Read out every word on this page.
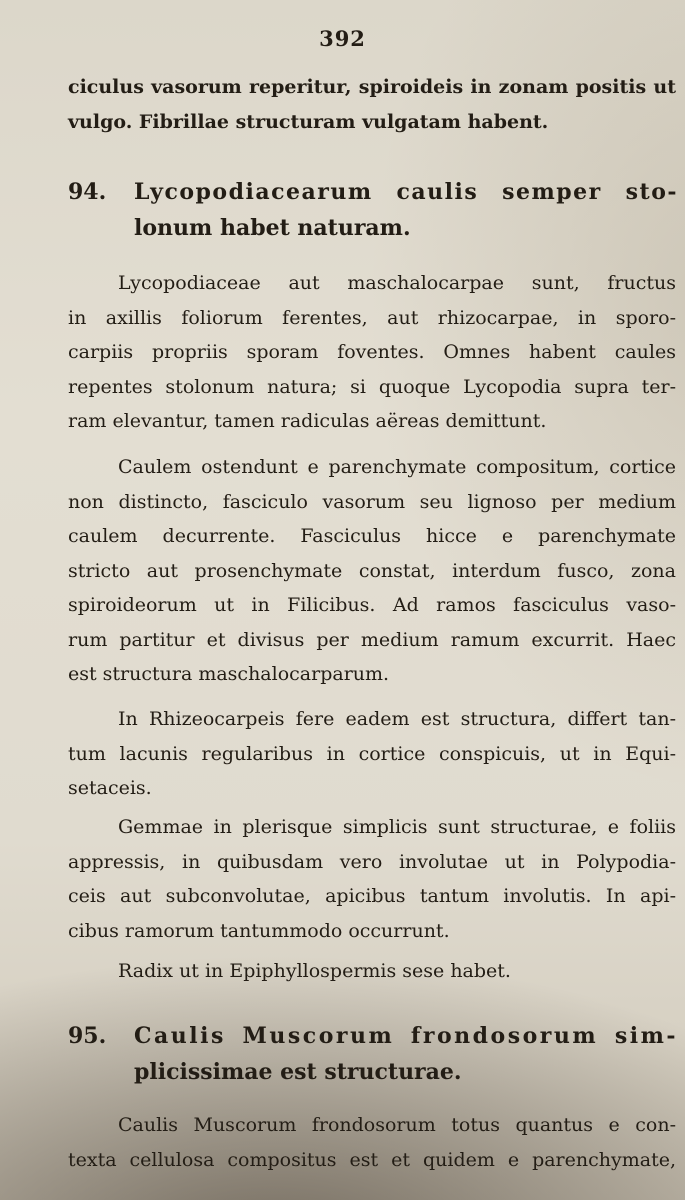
392
ciculus vasorum reperitur, spiroideis in zonam positis ut
vulgo. Fibrillae structuram vulgatam habent.
94.	Lycopodiacearum caulis semper sto-
lonum habet naturam.
Lycopodiaceae aut maschalocarpae sunt, fructus
in axillis foliorum ferentes, aut rhizocarpae, in sporo-
carpiis propriis sporam foventes. Omnes habent caules
repentes stolonum natura; si quoque Lycopodia supra ter-
ram elevantur, tamen radiculas aëreas demittunt.
Caulem ostendunt e parenchymate compositum, cortice
non distincto, fasciculo vasorum seu lignoso per medium
caulem decurrente. Fasciculus hicce e parenchymate
stricto aut prosenchymate constat, interdum fusco, zona
spiroideorum ut in Filicibus. Ad ramos fasciculus vaso-
rum partitur et divisus per medium ramum excurrit. Haec
est structura maschalocarparum.
In Rhizeocarpeis fere eadem est structura, differt tan-
tum lacunis regularibus in cortice conspicuis, ut in Equi-
setaceis.
Gemmae in plerisque simplicis sunt structurae, e foliis
appressis, in quibusdam vero involutae ut in Polypodia-
ceis aut subconvolutae, apicibus tantum involutis. In api-
cibus ramorum tantummodo occurrunt.
Radix ut in Epiphyllospermis sese habet.
95.	Caulis Muscorum frondosorum sim-
plicissimae est structurae.
Caulis Muscorum frondosorum totus quantus e con-
texta cellulosa compositus est et quidem e parenchymate,
